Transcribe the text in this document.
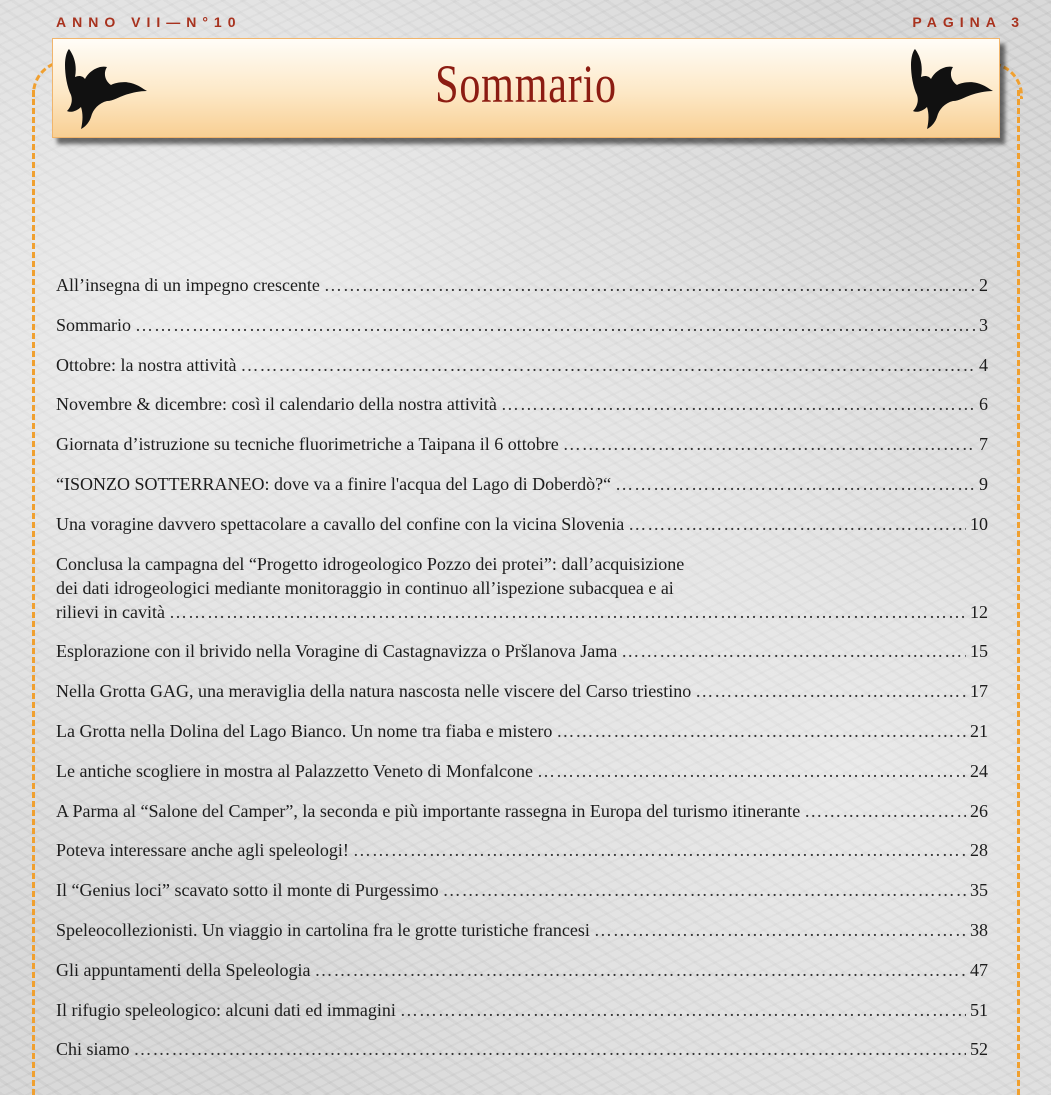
ANNO VII—N°10	PAGINA 3
Sommario
All’insegna di un impegno crescente …………………………………………………………………………………………………………………………………………………………………………	2
Sommario …………………………………………………………………………………………………………………………………………………………………………	3
Ottobre: la nostra attività …………………………………………………………………………………………………………………………………………………………………………	4
Novembre & dicembre: così il calendario della nostra attività …………………………………………………………………………………………………………………………………………………………………………	6
Giornata d’istruzione su tecniche fluorimetriche a Taipana il 6 ottobre …………………………………………………………………………………………………………………………………………………………………………	7
“ISONZO SOTTERRANEO: dove va a finire l'acqua del Lago di Doberdò?“ …………………………………………………………………………………………………………………………………………………………………………	9
Una voragine davvero spettacolare a cavallo del confine con la vicina Slovenia …………………………………………………………………………………………………………………………………………………………………………	10
Conclusa la campagna del “Progetto idrogeologico Pozzo dei protei”: dall’acquisizione
dei dati idrogeologici mediante monitoraggio in continuo all’ispezione subacquea e ai
rilievi in cavità …………………………………………………………………………………………………………………………………………………………………………	12
Esplorazione con il brivido nella Voragine di Castagnavizza o Pršlanova Jama …………………………………………………………………………………………………………………………………………………………………………	15
Nella Grotta GAG, una meraviglia della natura nascosta nelle viscere del Carso triestino …………………………………………………………………………………………………………………………………………………………………………	17
La Grotta nella Dolina del Lago Bianco. Un nome tra fiaba e mistero …………………………………………………………………………………………………………………………………………………………………………	21
Le antiche scogliere in mostra al Palazzetto Veneto di Monfalcone …………………………………………………………………………………………………………………………………………………………………………	24
A Parma al “Salone del Camper”, la seconda e più importante rassegna in Europa del turismo itinerante …………………………………………………………………………………………………………………………………………………………………………	26
Poteva interessare anche agli speleologi! …………………………………………………………………………………………………………………………………………………………………………	28
Il “Genius loci” scavato sotto il monte di Purgessimo …………………………………………………………………………………………………………………………………………………………………………	35
Speleocollezionisti. Un viaggio in cartolina fra le grotte turistiche francesi …………………………………………………………………………………………………………………………………………………………………………	38
Gli appuntamenti della Speleologia …………………………………………………………………………………………………………………………………………………………………………	47
Il rifugio speleologico: alcuni dati ed immagini …………………………………………………………………………………………………………………………………………………………………………	51
Chi siamo …………………………………………………………………………………………………………………………………………………………………………	52
